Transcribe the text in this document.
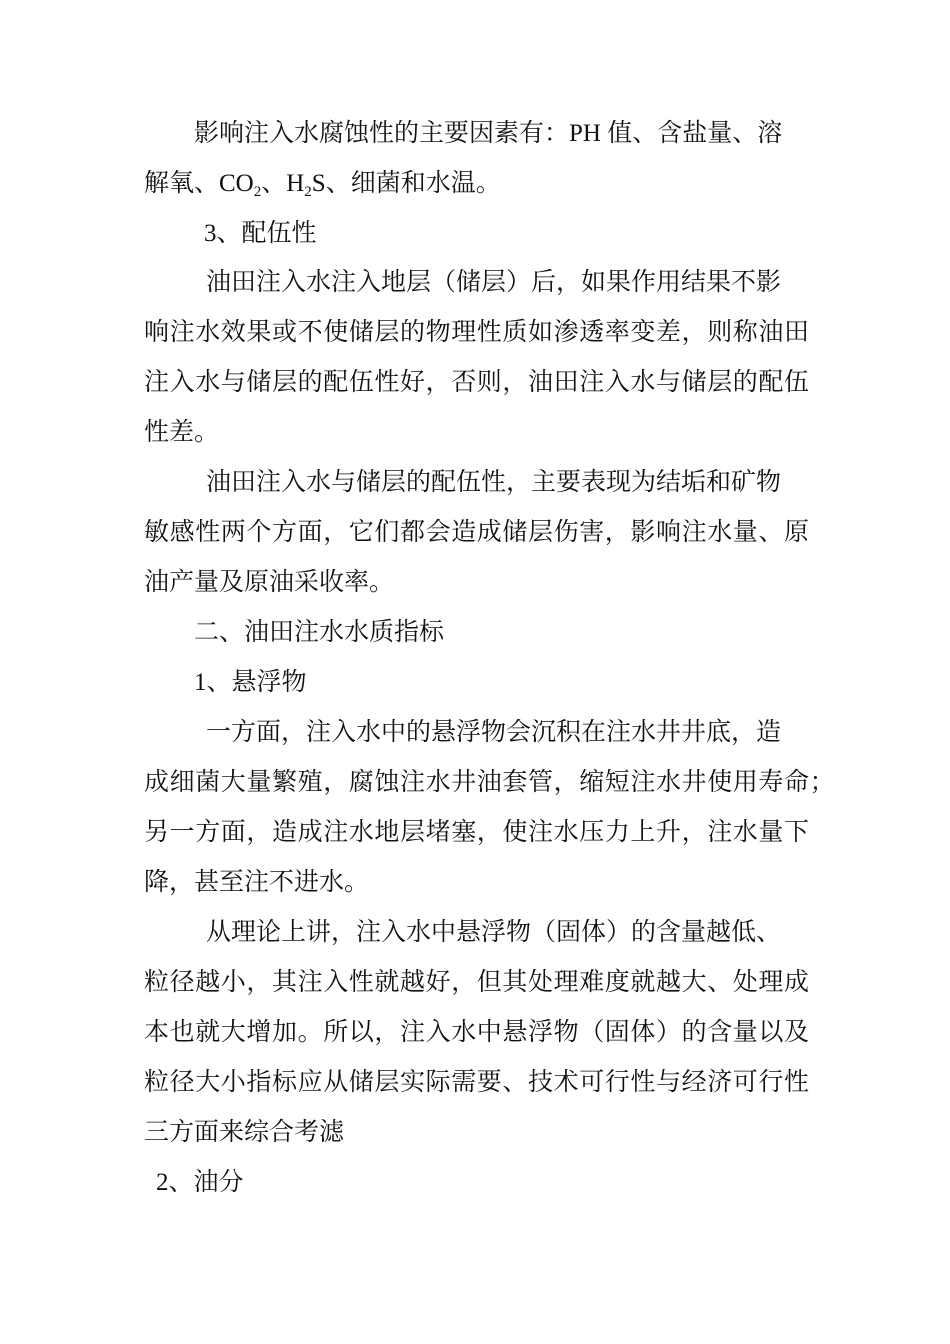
影响注入水腐蚀性的主要因素有：PH 值、含盐量、溶
解氧、$CO_2$、$H_2S$、细菌和水温。
3、配伍性
油田注入水注入地层（储层）后，如果作用结果不影
响注水效果或不使储层的物理性质如渗透率变差，则称油田
注入水与储层的配伍性好，否则，油田注入水与储层的配伍
性差。
油田注入水与储层的配伍性，主要表现为结垢和矿物
敏感性两个方面，它们都会造成储层伤害，影响注水量、原
油产量及原油采收率。
二、油田注水水质指标
1、悬浮物
一方面，注入水中的悬浮物会沉积在注水井井底，造
成细菌大量繁殖，腐蚀注水井油套管，缩短注水井使用寿命；
另一方面，造成注水地层堵塞，使注水压力上升，注水量下
降，甚至注不进水。
从理论上讲，注入水中悬浮物（固体）的含量越低、
粒径越小，其注入性就越好，但其处理难度就越大、处理成
本也就大增加。所以，注入水中悬浮物（固体）的含量以及
粒径大小指标应从储层实际需要、技术可行性与经济可行性
三方面来综合考滤
2、油分
